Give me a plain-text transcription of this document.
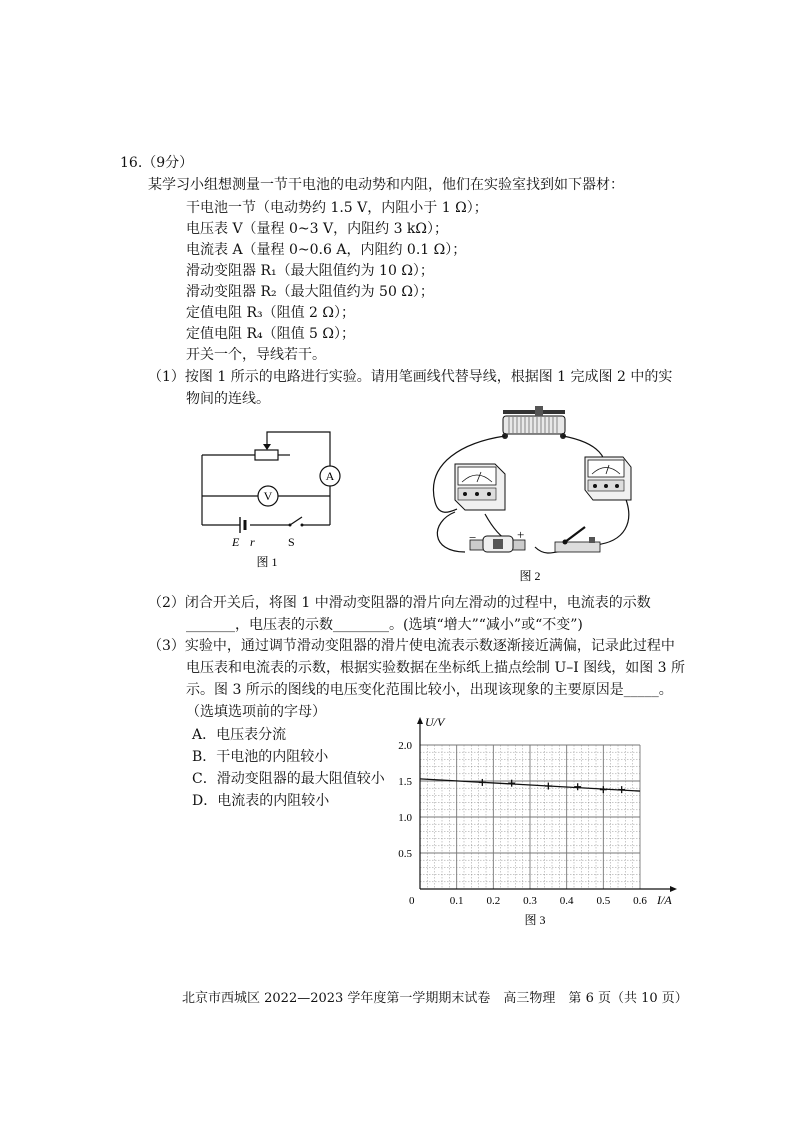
16.（9分）
某学习小组想测量一节干电池的电动势和内阻，他们在实验室找到如下器材：
干电池一节（电动势约 1.5 V，内阻小于 1 Ω）；
电压表 V（量程 0~3 V，内阻约 3 kΩ）；
电流表 A（量程 0~0.6 A，内阻约 0.1 Ω）；
滑动变阻器 R₁（最大阻值约为 10 Ω）；
滑动变阻器 R₂（最大阻值约为 50 Ω）；
定值电阻 R₃（阻值 2 Ω）；
定值电阻 R₄（阻值 5 Ω）；
开关一个，导线若干。
（1）按图 1 所示的电路进行实验。请用笔画线代替导线，根据图 1 完成图 2 中的实
物间的连线。
A
V
E r	S
图 1
−	+
图 2
（2）闭合开关后，将图 1 中滑动变阻器的滑片向左滑动的过程中，电流表的示数
_______，电压表的示数________。(选填“增大”“减小”或“不变”)
（3）实验中，通过调节滑动变阻器的滑片使电流表示数逐渐接近满偏，记录此过程中
电压表和电流表的示数，根据实验数据在坐标纸上描点绘制 U–I 图线，如图 3 所
示。图 3 所示的图线的电压变化范围比较小，出现该现象的主要原因是_____。
（选填选项前的字母）
A．电压表分流
B．干电池的内阻较小
C．滑动变阻器的最大阻值较小
D．电流表的内阻较小
U/V
I/A
0	0.1 0.2 0.3 0.4 0.5 0.6
0.5
1.0
1.5
2.0
图 3
北京市西城区 2022—2023 学年度第一学期期末试卷　高三物理　第 6 页（共 10 页）
